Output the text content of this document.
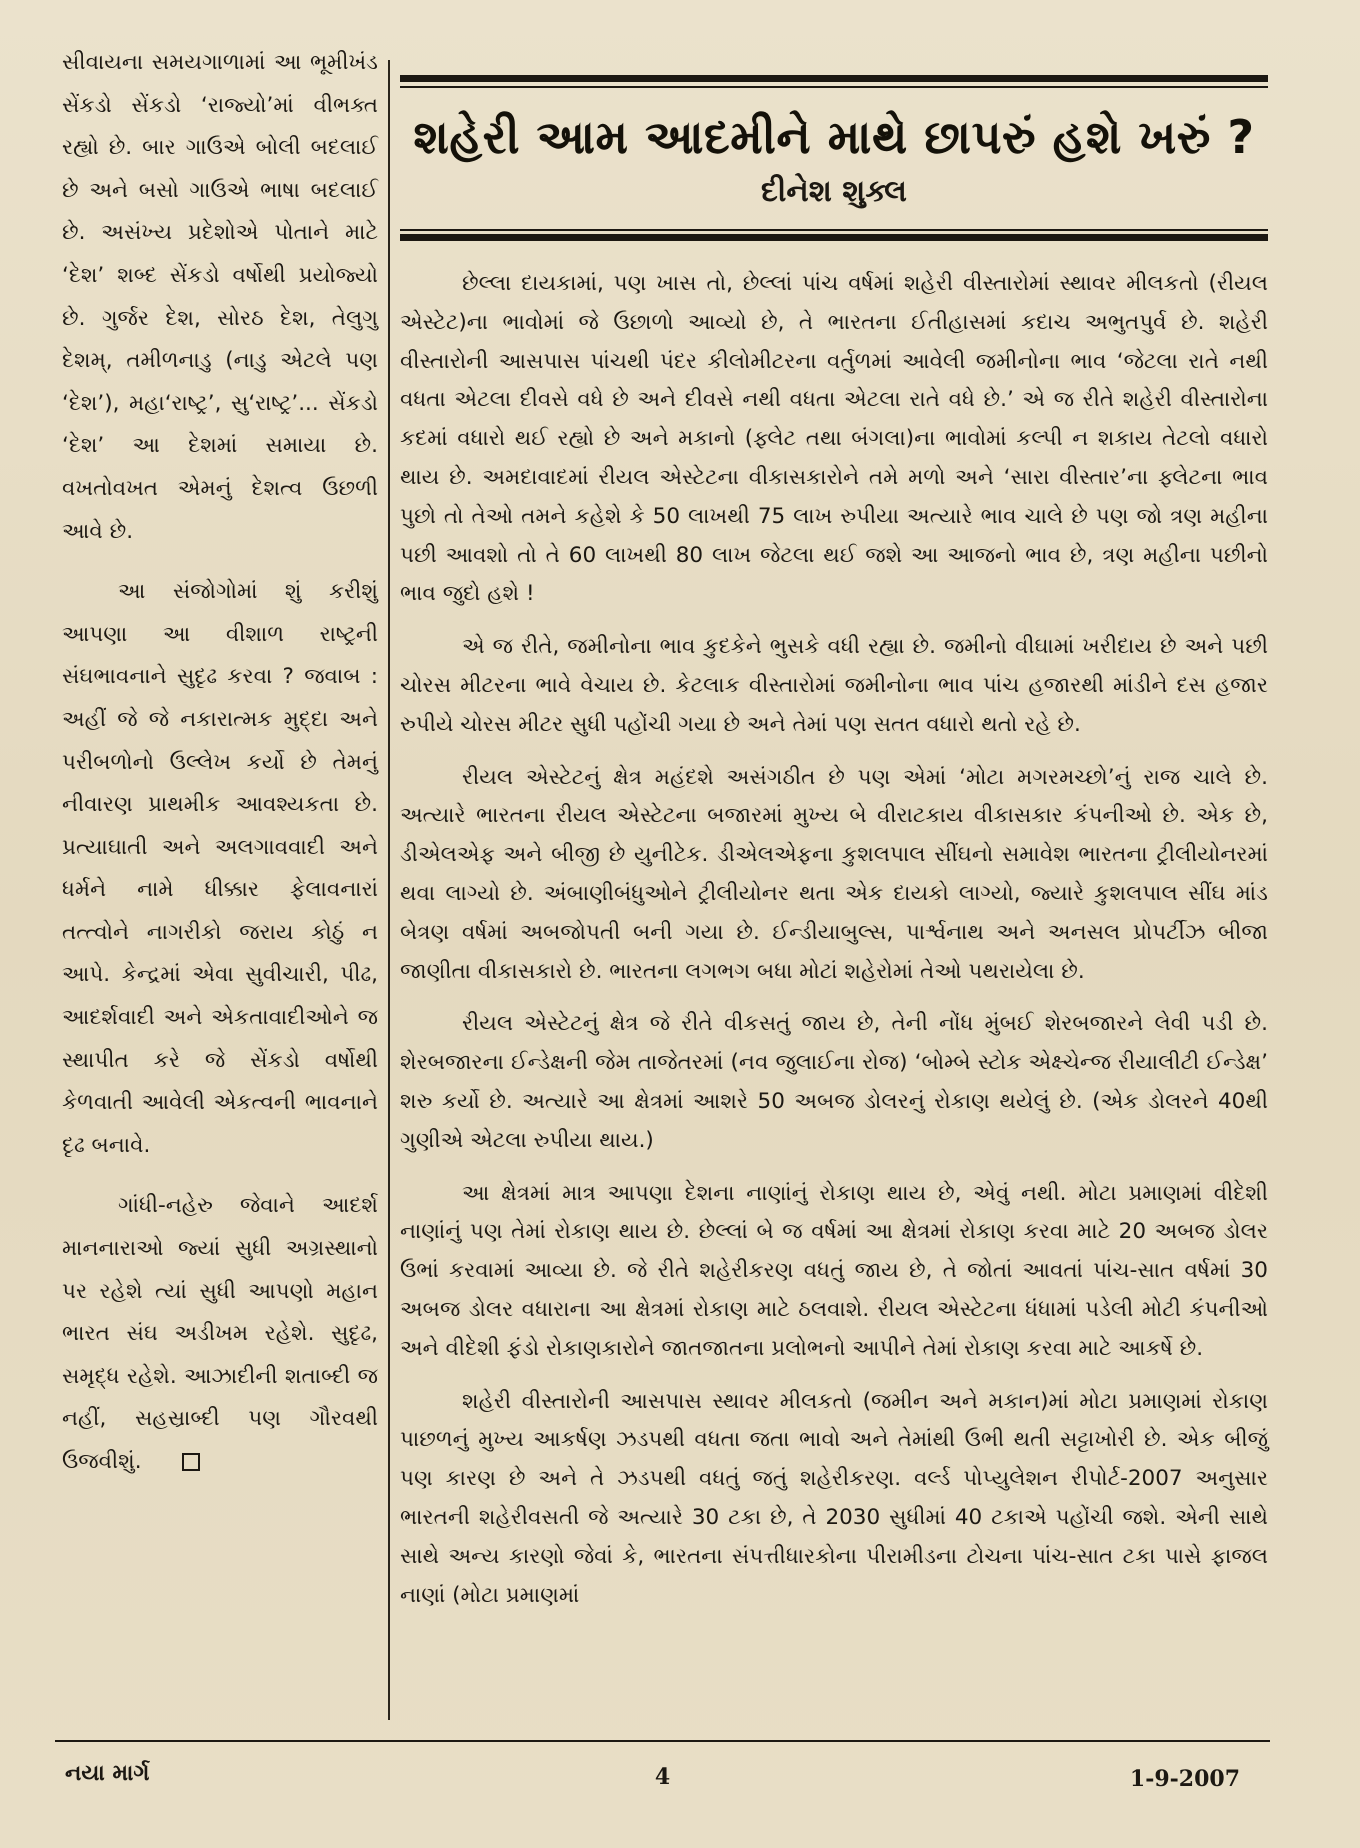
સીવાયના સમયગાળામાં આ ભૂમીખંડ સેંકડો સેંકડો ‘રાજ્યો’માં વીભક્ત રહ્યો છે. બાર ગાઉએ બોલી બદલાઈ છે અને બસો ગાઉએ ભાષા બદલાઈ છે. અસંખ્ય પ્રદેશોએ પોતાને માટે ‘દેશ’ શબ્દ સેંકડો વર્ષોથી પ્રયોજ્યો છે. ગુર્જર દેશ, સોરઠ દેશ, તેલુગુ દેશમ્, તમીળનાડુ (નાડુ એટલે પણ ‘દેશ’), મહા‘રાષ્ટ્ર’, સુ‘રાષ્ટ્ર’... સેંકડો ‘દેશ’ આ દેશમાં સમાયા છે. વખતોવખત એમનું દેશત્વ ઉછળી આવે છે.

આ સંજોગોમાં શું કરીશું આપણા આ વીશાળ રાષ્ટ્રની સંઘભાવનાને સુદૃઢ કરવા ? જવાબ : અહીં જે જે નકારાત્મક મુદ્દા અને પરીબળોનો ઉલ્લેખ કર્યો છે તેમનું નીવારણ પ્રાથમીક આવશ્યકતા છે. પ્રત્યાઘાતી અને અલગાવવાદી અને ધર્મને નામે ધીક્કાર ફેલાવનારાં તત્ત્વોને નાગરીકો જરાય કોઠું ન આપે. કેન્દ્રમાં એવા સુવીચારી, પીઢ, આદર્શવાદી અને એકતાવાદીઓને જ સ્થાપીત કરે જે સેંકડો વર્ષોથી કેળવાતી આવેલી એકત્વની ભાવનાને દૃઢ બનાવે.

ગાંધી-નહેરુ જેવાને આદર્શ માનનારાઓ જ્યાં સુધી અગ્રસ્થાનો પર રહેશે ત્યાં સુધી આપણો મહાન ભારત સંઘ અડીખમ રહેશે. સુદૃઢ, સમૃદ્ધ રહેશે. આઝાદીની શતાબ્દી જ નહીં, સહસ્રાબ્દી પણ ગૌરવથી ઉજવીશું.

શહેરી આમ આદમીને માથે છાપરું હશે ખરું ?
દીનેશ શુક્લ

છેલ્લા દાયકામાં, પણ ખાસ તો, છેલ્લાં પાંચ વર્ષમાં શહેરી વીસ્તારોમાં સ્થાવર મીલકતો (રીયલ એસ્ટેટ)ના ભાવોમાં જે ઉછાળો આવ્યો છે, તે ભારતના ઈતીહાસમાં કદાચ અભુતપુર્વ છે. શહેરી વીસ્તારોની આસપાસ પાંચથી પંદર કીલોમીટરના વર્તુળમાં આવેલી જમીનોના ભાવ ‘જેટલા રાતે નથી વધતા એટલા દીવસે વધે છે અને દીવસે નથી વધતા એટલા રાતે વધે છે.’ એ જ રીતે શહેરી વીસ્તારોના કદમાં વધારો થઈ રહ્યો છે અને મકાનો (ફ્લેટ તથા બંગલા)ના ભાવોમાં કલ્પી ન શકાય તેટલો વધારો થાય છે. અમદાવાદમાં રીયલ એસ્ટેટના વીકાસકારોને તમે મળો અને ‘સારા વીસ્તાર’ના ફ્લેટના ભાવ પુછો તો તેઓ તમને કહેશે કે 50 લાખથી 75 લાખ રુપીયા અત્યારે ભાવ ચાલે છે પણ જો ત્રણ મહીના પછી આવશો તો તે 60 લાખથી 80 લાખ જેટલા થઈ જશે આ આજનો ભાવ છે, ત્રણ મહીના પછીનો ભાવ જુદો હશે !

એ જ રીતે, જમીનોના ભાવ કુદકેને ભુસકે વધી રહ્યા છે. જમીનો વીઘામાં ખરીદાય છે અને પછી ચોરસ મીટરના ભાવે વેચાય છે. કેટલાક વીસ્તારોમાં જમીનોના ભાવ પાંચ હજારથી માંડીને દસ હજાર રુપીયે ચોરસ મીટર સુધી પહોંચી ગયા છે અને તેમાં પણ સતત વધારો થતો રહે છે.

રીયલ એસ્ટેટનું ક્ષેત્ર મહંદશે અસંગઠીત છે પણ એમાં ‘મોટા મગરમચ્છો’નું રાજ ચાલે છે. અત્યારે ભારતના રીયલ એસ્ટેટના બજારમાં મુખ્ય બે વીરાટકાય વીકાસકાર કંપનીઓ છે. એક છે, ડીએલએફ અને બીજી છે યુનીટેક. ડીએલએફના કુશલપાલ સીંઘનો સમાવેશ ભારતના ટ્રીલીયોનરમાં થવા લાગ્યો છે. અંબાણીબંધુઓને ટ્રીલીયોનર થતા એક દાયકો લાગ્યો, જ્યારે કુશલપાલ સીંઘ માંડ બેત્રણ વર્ષમાં અબજોપતી બની ગયા છે. ઈન્ડીયાબુલ્સ, પાર્શ્વનાથ અને અનસલ પ્રોપર્ટીઝ બીજા જાણીતા વીકાસકારો છે. ભારતના લગભગ બધા મોટાં શહેરોમાં તેઓ પથરાયેલા છે.

રીયલ એસ્ટેટનું ક્ષેત્ર જે રીતે વીકસતું જાય છે, તેની નોંધ મુંબઈ શેરબજારને લેવી પડી છે. શેરબજારના ઈન્ડેક્ષની જેમ તાજેતરમાં (નવ જુલાઈના રોજ) ‘બોમ્બે સ્ટોક એક્ષ્ચેન્જ રીયાલીટી ઈન્ડેક્ષ’ શરુ કર્યો છે. અત્યારે આ ક્ષેત્રમાં આશરે 50 અબજ ડોલરનું રોકાણ થયેલું છે. (એક ડોલરને 40થી ગુણીએ એટલા રુપીયા થાય.)

આ ક્ષેત્રમાં માત્ર આપણા દેશના નાણાંનું રોકાણ થાય છે, એવું નથી. મોટા પ્રમાણમાં વીદેશી નાણાંનું પણ તેમાં રોકાણ થાય છે. છેલ્લાં બે જ વર્ષમાં આ ક્ષેત્રમાં રોકાણ કરવા માટે 20 અબજ ડોલર ઉભાં કરવામાં આવ્યા છે. જે રીતે શહેરીકરણ વધતું જાય છે, તે જોતાં આવતાં પાંચ-સાત વર્ષમાં 30 અબજ ડોલર વધારાના આ ક્ષેત્રમાં રોકાણ માટે ઠલવાશે. રીયલ એસ્ટેટના ધંધામાં પડેલી મોટી કંપનીઓ અને વીદેશી ફંડો રોકાણકારોને જાતજાતના પ્રલોભનો આપીને તેમાં રોકાણ કરવા માટે આકર્ષે છે.

શહેરી વીસ્તારોની આસપાસ સ્થાવર મીલકતો (જમીન અને મકાન)માં મોટા પ્રમાણમાં રોકાણ પાછળનું મુખ્ય આકર્ષણ ઝડપથી વધતા જતા ભાવો અને તેમાંથી ઉભી થતી સટ્ટાખોરી છે. એક બીજું પણ કારણ છે અને તે ઝડપથી વધતું જતું શહેરીકરણ. વર્લ્ડ પોપ્યુલેશન રીપોર્ટ-2007 અનુસાર ભારતની શહેરીવસતી જે અત્યારે 30 ટકા છે, તે 2030 સુધીમાં 40 ટકાએ પહોંચી જશે. એની સાથે સાથે અન્ય કારણો જેવાં કે, ભારતના સંપત્તીધારકોના પીરામીડના ટોચના પાંચ-સાત ટકા પાસે ફાજલ નાણાં (મોટા પ્રમાણમાં

નયા માર્ગ	4	1-9-2007
